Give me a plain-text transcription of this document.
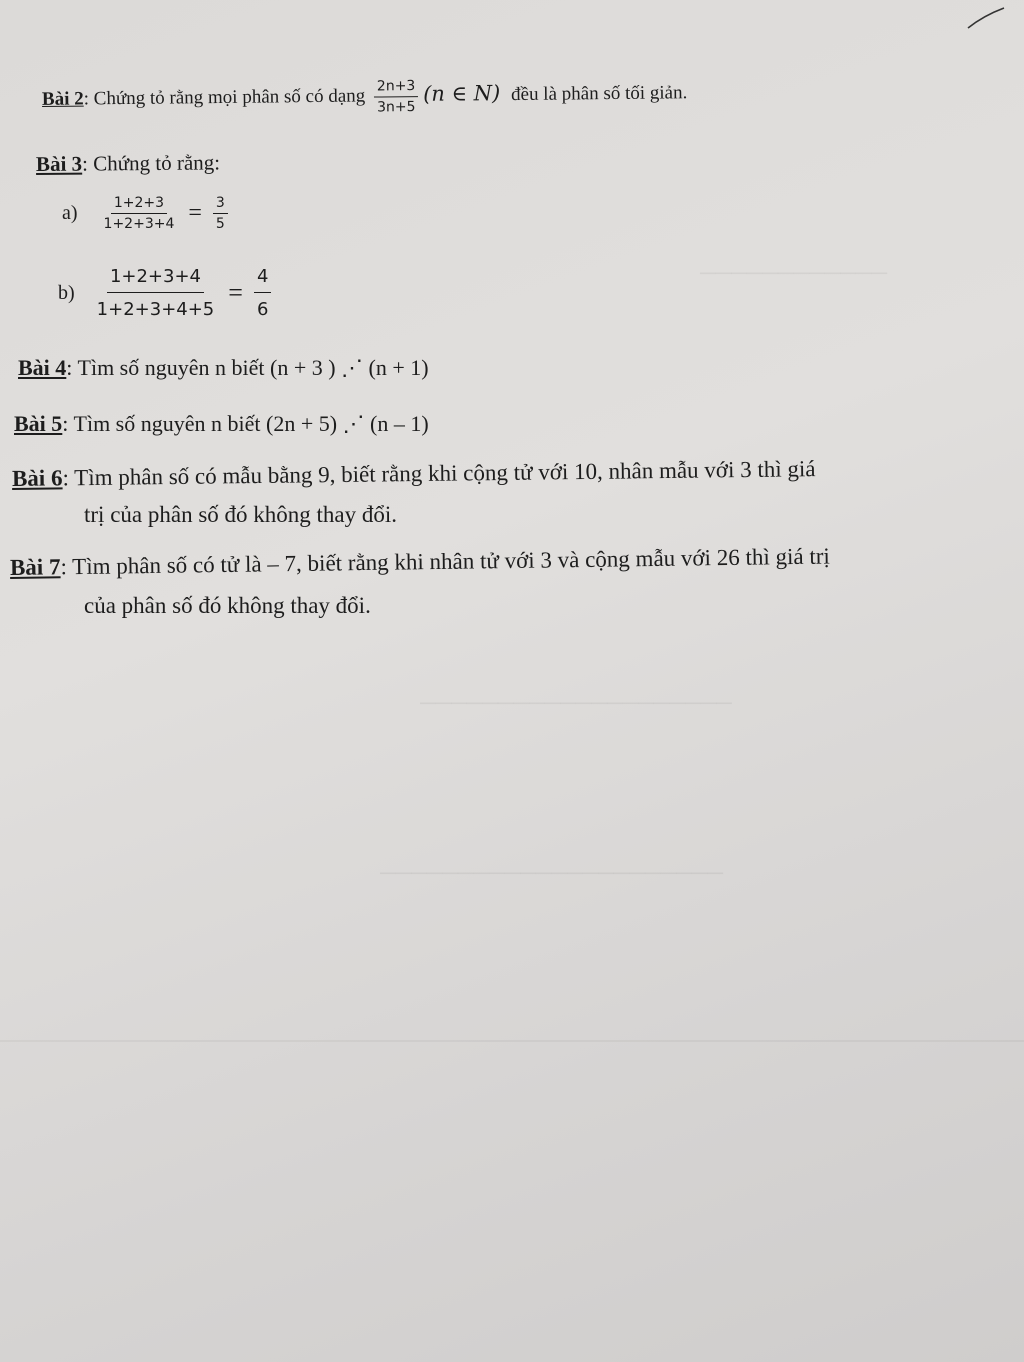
────────────
────────────────────
──────────────────────
Bài 2: Chứng tỏ rằng mọi phân số có dạng $\frac{2n+3}{3n+5} (n$ ∈ N) đều là phân số tối giản.
Bài 3: Chứng tỏ rằng:
$a) \frac{1+2+3}{1+2+3+4} = \frac{3}{5}$
$b) \frac{1+2+3+4}{1+2+3+4+5} = \frac{4}{6}$
Bài 4: Tìm số nguyên n biết (n + 3 ) ⋰ (n + 1)
Bài 5: Tìm số nguyên n biết (2n + 5) ⋰ (n – 1)
Bài 6: Tìm phân số có mẫu bằng 9, biết rằng khi cộng tử với 10, nhân mẫu với 3 thì giá
trị của phân số đó không thay đổi.
Bài 7: Tìm phân số có tử là – 7, biết rằng khi nhân tử với 3 và cộng mẫu với 26 thì giá trị
của phân số đó không thay đổi.
